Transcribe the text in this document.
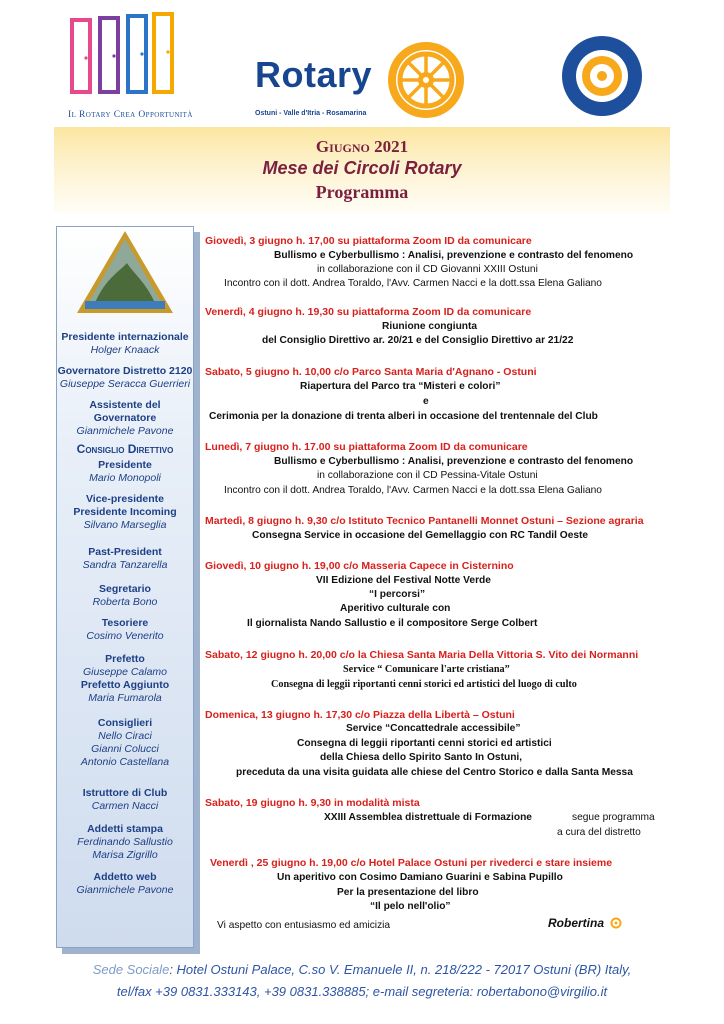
Il Rotary Crea Opportunità
Rotary
Ostuni - Valle d'Itria - Rosamarina
Giugno 2021
Mese dei Circoli Rotary
Programma
Presidente internazionale
Holger Knaack
Governatore Distretto 2120
Giuseppe Seracca Guerrieri
Assistente del Governatore
Gianmichele Pavone
Consiglio Direttivo
Presidente
Mario Monopoli
Vice-presidente
Presidente Incoming
Silvano Marseglia
Past-President
Sandra Tanzarella
Segretario
Roberta Bono
Tesoriere
Cosimo Venerito
Prefetto
Giuseppe Calamo
Prefetto Aggiunto
Maria Fumarola
Consiglieri
Nello Ciraci
Gianni Colucci
Antonio Castellana
Istruttore di Club
Carmen Nacci
Addetti stampa
Ferdinando Sallustio
Marisa Zigrillo
Addetto web
Gianmichele Pavone
Giovedì, 3 giugno h. 17,00 su piattaforma Zoom ID da comunicare
Bullismo e Cyberbullismo : Analisi, prevenzione e contrasto del fenomeno
in collaborazione con il CD Giovanni XXIII Ostuni
Incontro con il dott. Andrea Toraldo, l'Avv. Carmen Nacci e la dott.ssa Elena Galiano
Venerdì, 4 giugno h. 19,30 su piattaforma Zoom ID da comunicare
Riunione congiunta
del Consiglio Direttivo ar. 20/21 e del Consiglio Direttivo ar 21/22
Sabato, 5 giugno h. 10,00 c/o Parco Santa Maria d'Agnano - Ostuni
Riapertura del Parco tra “Misteri e colori”
e
Cerimonia per la donazione di trenta alberi in occasione del trentennale del Club
Lunedì, 7 giugno h. 17.00 su piattaforma Zoom ID da comunicare
Bullismo e Cyberbullismo : Analisi, prevenzione e contrasto del fenomeno
in collaborazione con il CD Pessina-Vitale Ostuni
Incontro con il dott. Andrea Toraldo, l'Avv. Carmen Nacci e la dott.ssa Elena Galiano
Martedì, 8 giugno h. 9,30 c/o Istituto Tecnico Pantanelli Monnet Ostuni – Sezione agraria
Consegna Service in occasione del Gemellaggio con RC Tandil Oeste
Giovedì, 10 giugno h. 19,00 c/o Masseria Capece in Cisternino
VII Edizione del Festival Notte Verde
“I percorsi”
Aperitivo culturale con
Il giornalista Nando Sallustio e il compositore Serge Colbert
Sabato, 12 giugno h. 20,00 c/o la Chiesa Santa Maria Della Vittoria S. Vito dei Normanni
Service “ Comunicare l'arte cristiana”
Consegna di leggii riportanti cenni storici ed artistici del luogo di culto
Domenica, 13 giugno h. 17,30 c/o Piazza della Libertà – Ostuni
Service “Concattedrale accessibile”
Consegna di leggii riportanti cenni storici ed artistici
della Chiesa dello Spirito Santo In Ostuni,
preceduta da una visita guidata alle chiese del Centro Storico e dalla Santa Messa
Sabato, 19 giugno h. 9,30 in modalità mista
XXIII Assemblea distrettuale di Formazione	segue programma
a cura del distretto
Venerdì , 25 giugno h. 19,00 c/o Hotel Palace Ostuni per rivederci e stare insieme
Un aperitivo con Cosimo Damiano Guarini e Sabina Pupillo
Per la presentazione del libro
“Il pelo nell'olio”
Vi aspetto con entusiasmo ed amicizia	Robertina
Sede Sociale: Hotel Ostuni Palace, C.so V. Emanuele II, n. 218/222 - 72017 Ostuni (BR) Italy,
tel/fax +39 0831.333143, +39 0831.338885; e-mail segreteria: robertabono@virgilio.it
